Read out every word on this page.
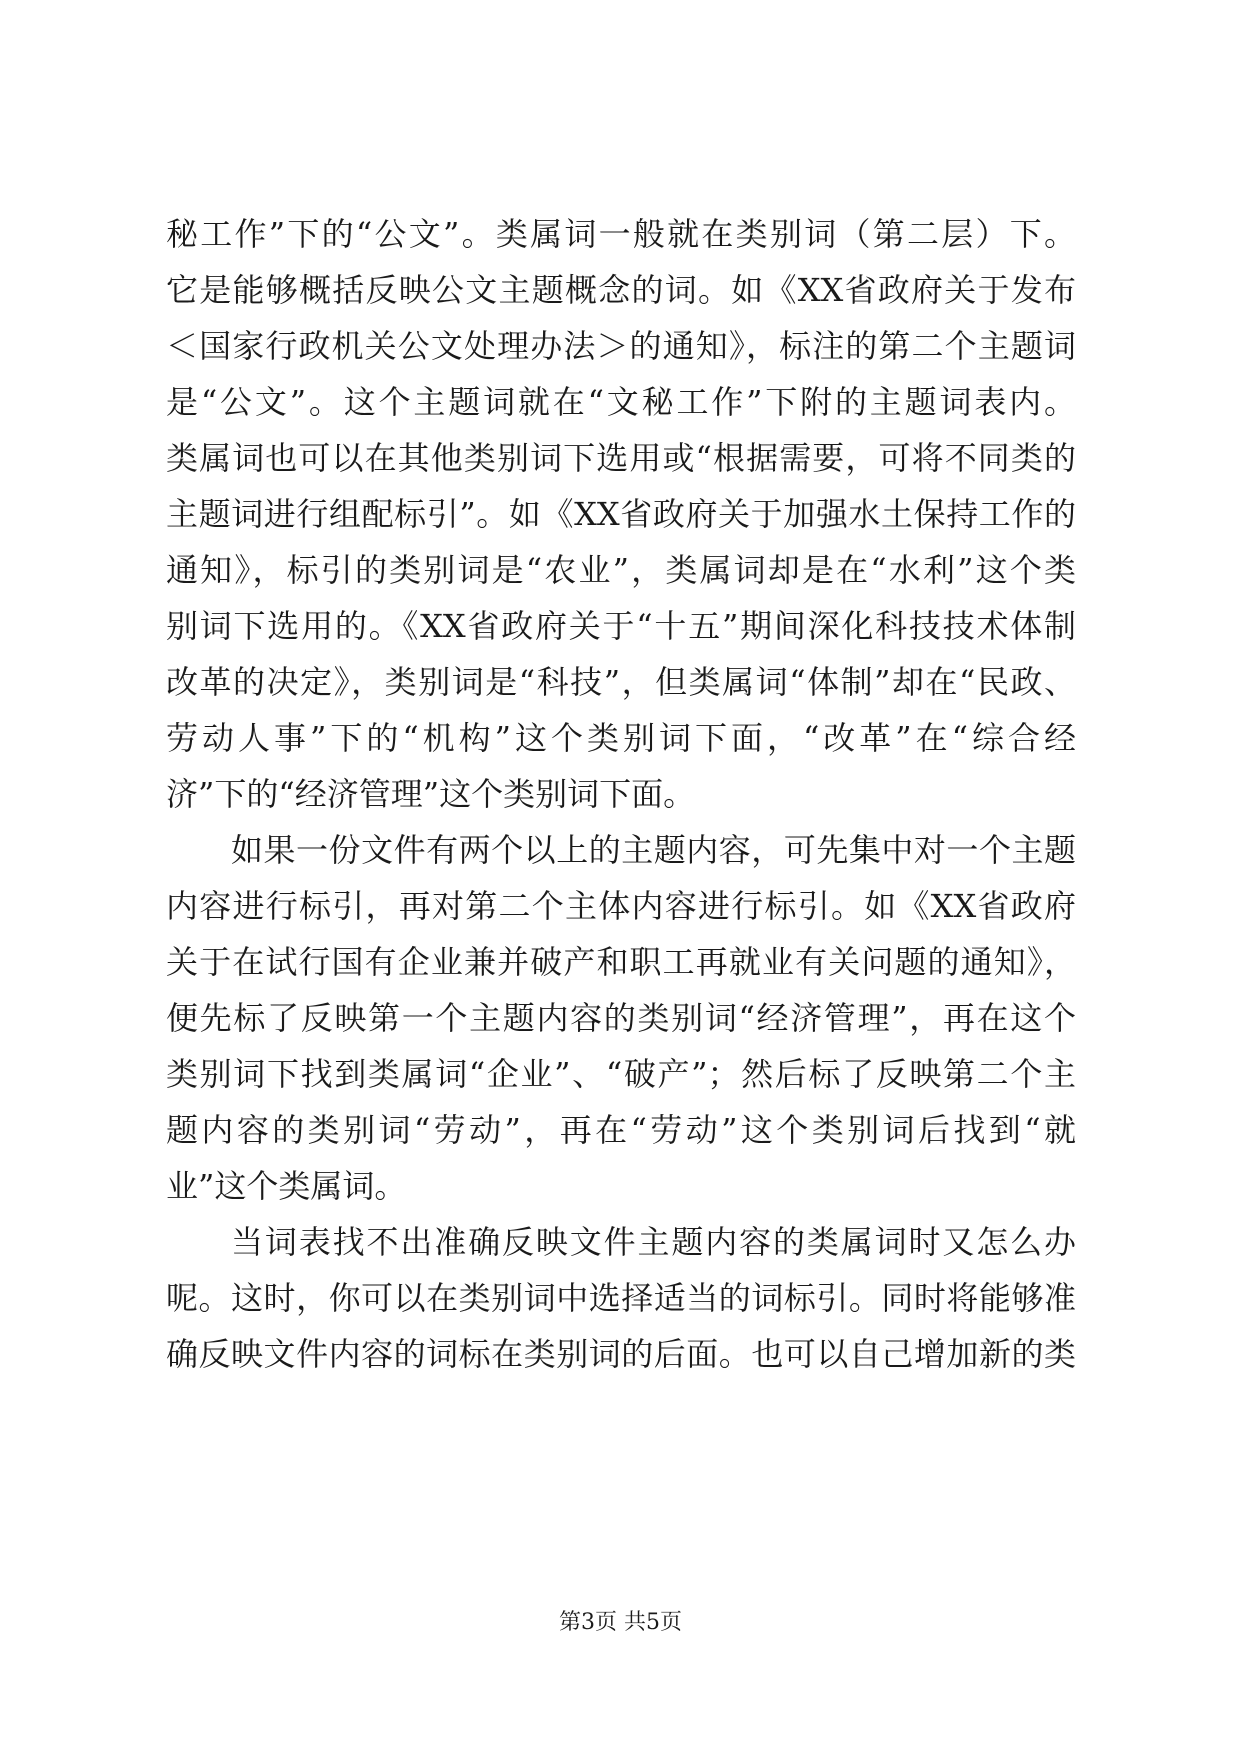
秘工作”下的“公文”。类属词一般就在类别词（第二层）下。
它是能够概括反映公文主题概念的词。如《XX省政府关于发布
＜国家行政机关公文处理办法＞的通知》，标注的第二个主题词
是“公文”。这个主题词就在“文秘工作”下附的主题词表内。
类属词也可以在其他类别词下选用或“根据需要，可将不同类的
主题词进行组配标引”。如《XX省政府关于加强水土保持工作的
通知》，标引的类别词是“农业”，类属词却是在“水利”这个类
别词下选用的。《XX省政府关于“十五”期间深化科技技术体制
改革的决定》，类别词是“科技”，但类属词“体制”却在“民政、
劳动人事”下的“机构”这个类别词下面，“改革”在“综合经
济”下的“经济管理”这个类别词下面。
如果一份文件有两个以上的主题内容，可先集中对一个主题
内容进行标引，再对第二个主体内容进行标引。如《XX省政府
关于在试行国有企业兼并破产和职工再就业有关问题的通知》，
便先标了反映第一个主题内容的类别词“经济管理”，再在这个
类别词下找到类属词“企业”、“破产”；然后标了反映第二个主
题内容的类别词“劳动”，再在“劳动”这个类别词后找到“就
业”这个类属词。
当词表找不出准确反映文件主题内容的类属词时又怎么办
呢。这时，你可以在类别词中选择适当的词标引。同时将能够准
确反映文件内容的词标在类别词的后面。也可以自己增加新的类
第3页 共5页
